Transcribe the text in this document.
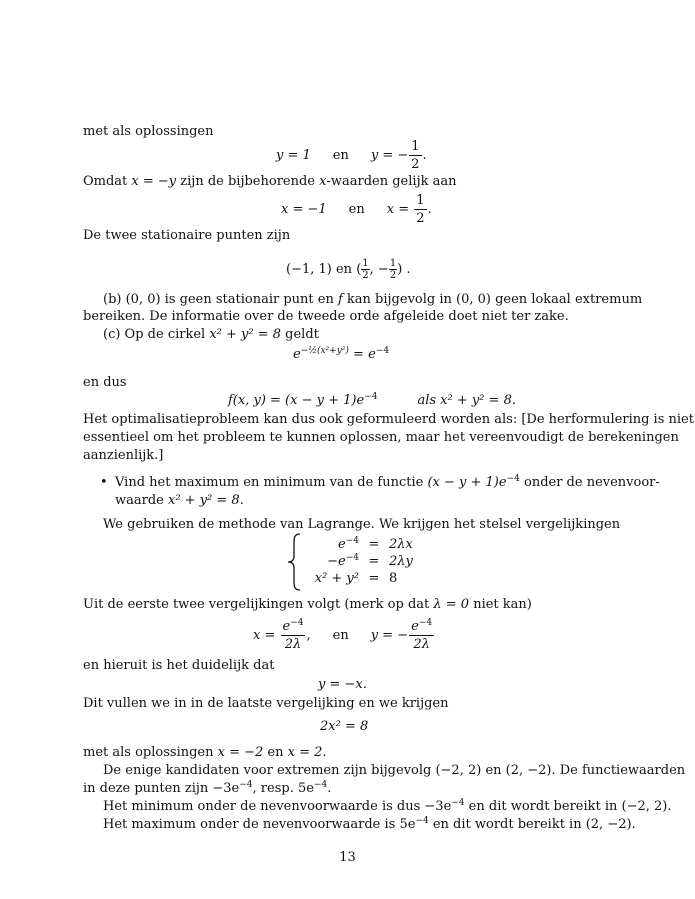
met als oplossingen
y = 1 en y = − $\frac{1}{2}$ .
Omdat x = −y zijn de bijbehorende x-waarden gelijk aan
x = −1 en $x = \frac{1}{2}$ .
De twee stationaire punten zijn
(−1, 1) en ( $\frac{1}{2}$ , − $\frac{1}{2}$ ) .
(b) (0, 0) is geen stationair punt en f kan bijgevolg in (0, 0) geen lokaal extremum
bereiken. De informatie over de tweede orde afgeleide doet niet ter zake.
(c) Op de cirkel x² + y² = 8 geldt
$e^{-\frac{1}{2}(x^2+y^2)} = e^{-4}$
en dus
f(x, $y) = (x - y + 1)e^{-4}$	als x² + y² = 8.
Het optimalisatieprobleem kan dus ook geformuleerd worden als: [De herformulering is niet
essentieel om het probleem te kunnen oplossen, maar het vereenvoudigt de berekeningen
aanzienlijk.]
• Vind het maximum en minimum van de functie $(x - y + 1)e^{-4}$ onder de nevenvoor-
waarde x² + y² = 8.
We gebruiken de methode van Lagrange. We krijgen het stelsel vergelijkingen
$e^{-4} = 2\lambda x$
$-e^{-4} = 2\lambda y$
x² + y² = 8
Uit de eerste twee vergelijkingen volgt (merk op dat λ = 0 niet kan)
$x = \frac{e^{-4}}{2\lambda}$ , en y = − $\frac{e^{-4}}{2\lambda}$
en hieruit is het duidelijk dat
y = −x.
Dit vullen we in in de laatste vergelijking en we krijgen
2x² = 8
met als oplossingen x = −2 en x = 2.
De enige kandidaten voor extremen zijn bijgevolg (−2, 2) en (2, −2). De functiewaarden
in deze punten zijn $-3e^{-4}$, resp. $5e^{-4}$.
Het minimum onder de nevenvoorwaarde is dus $-3e^{-4}$ en dit wordt bereikt in (−2, 2).
Het maximum onder de nevenvoorwaarde is $5e^{-4}$ en dit wordt bereikt in (2, −2).
13
